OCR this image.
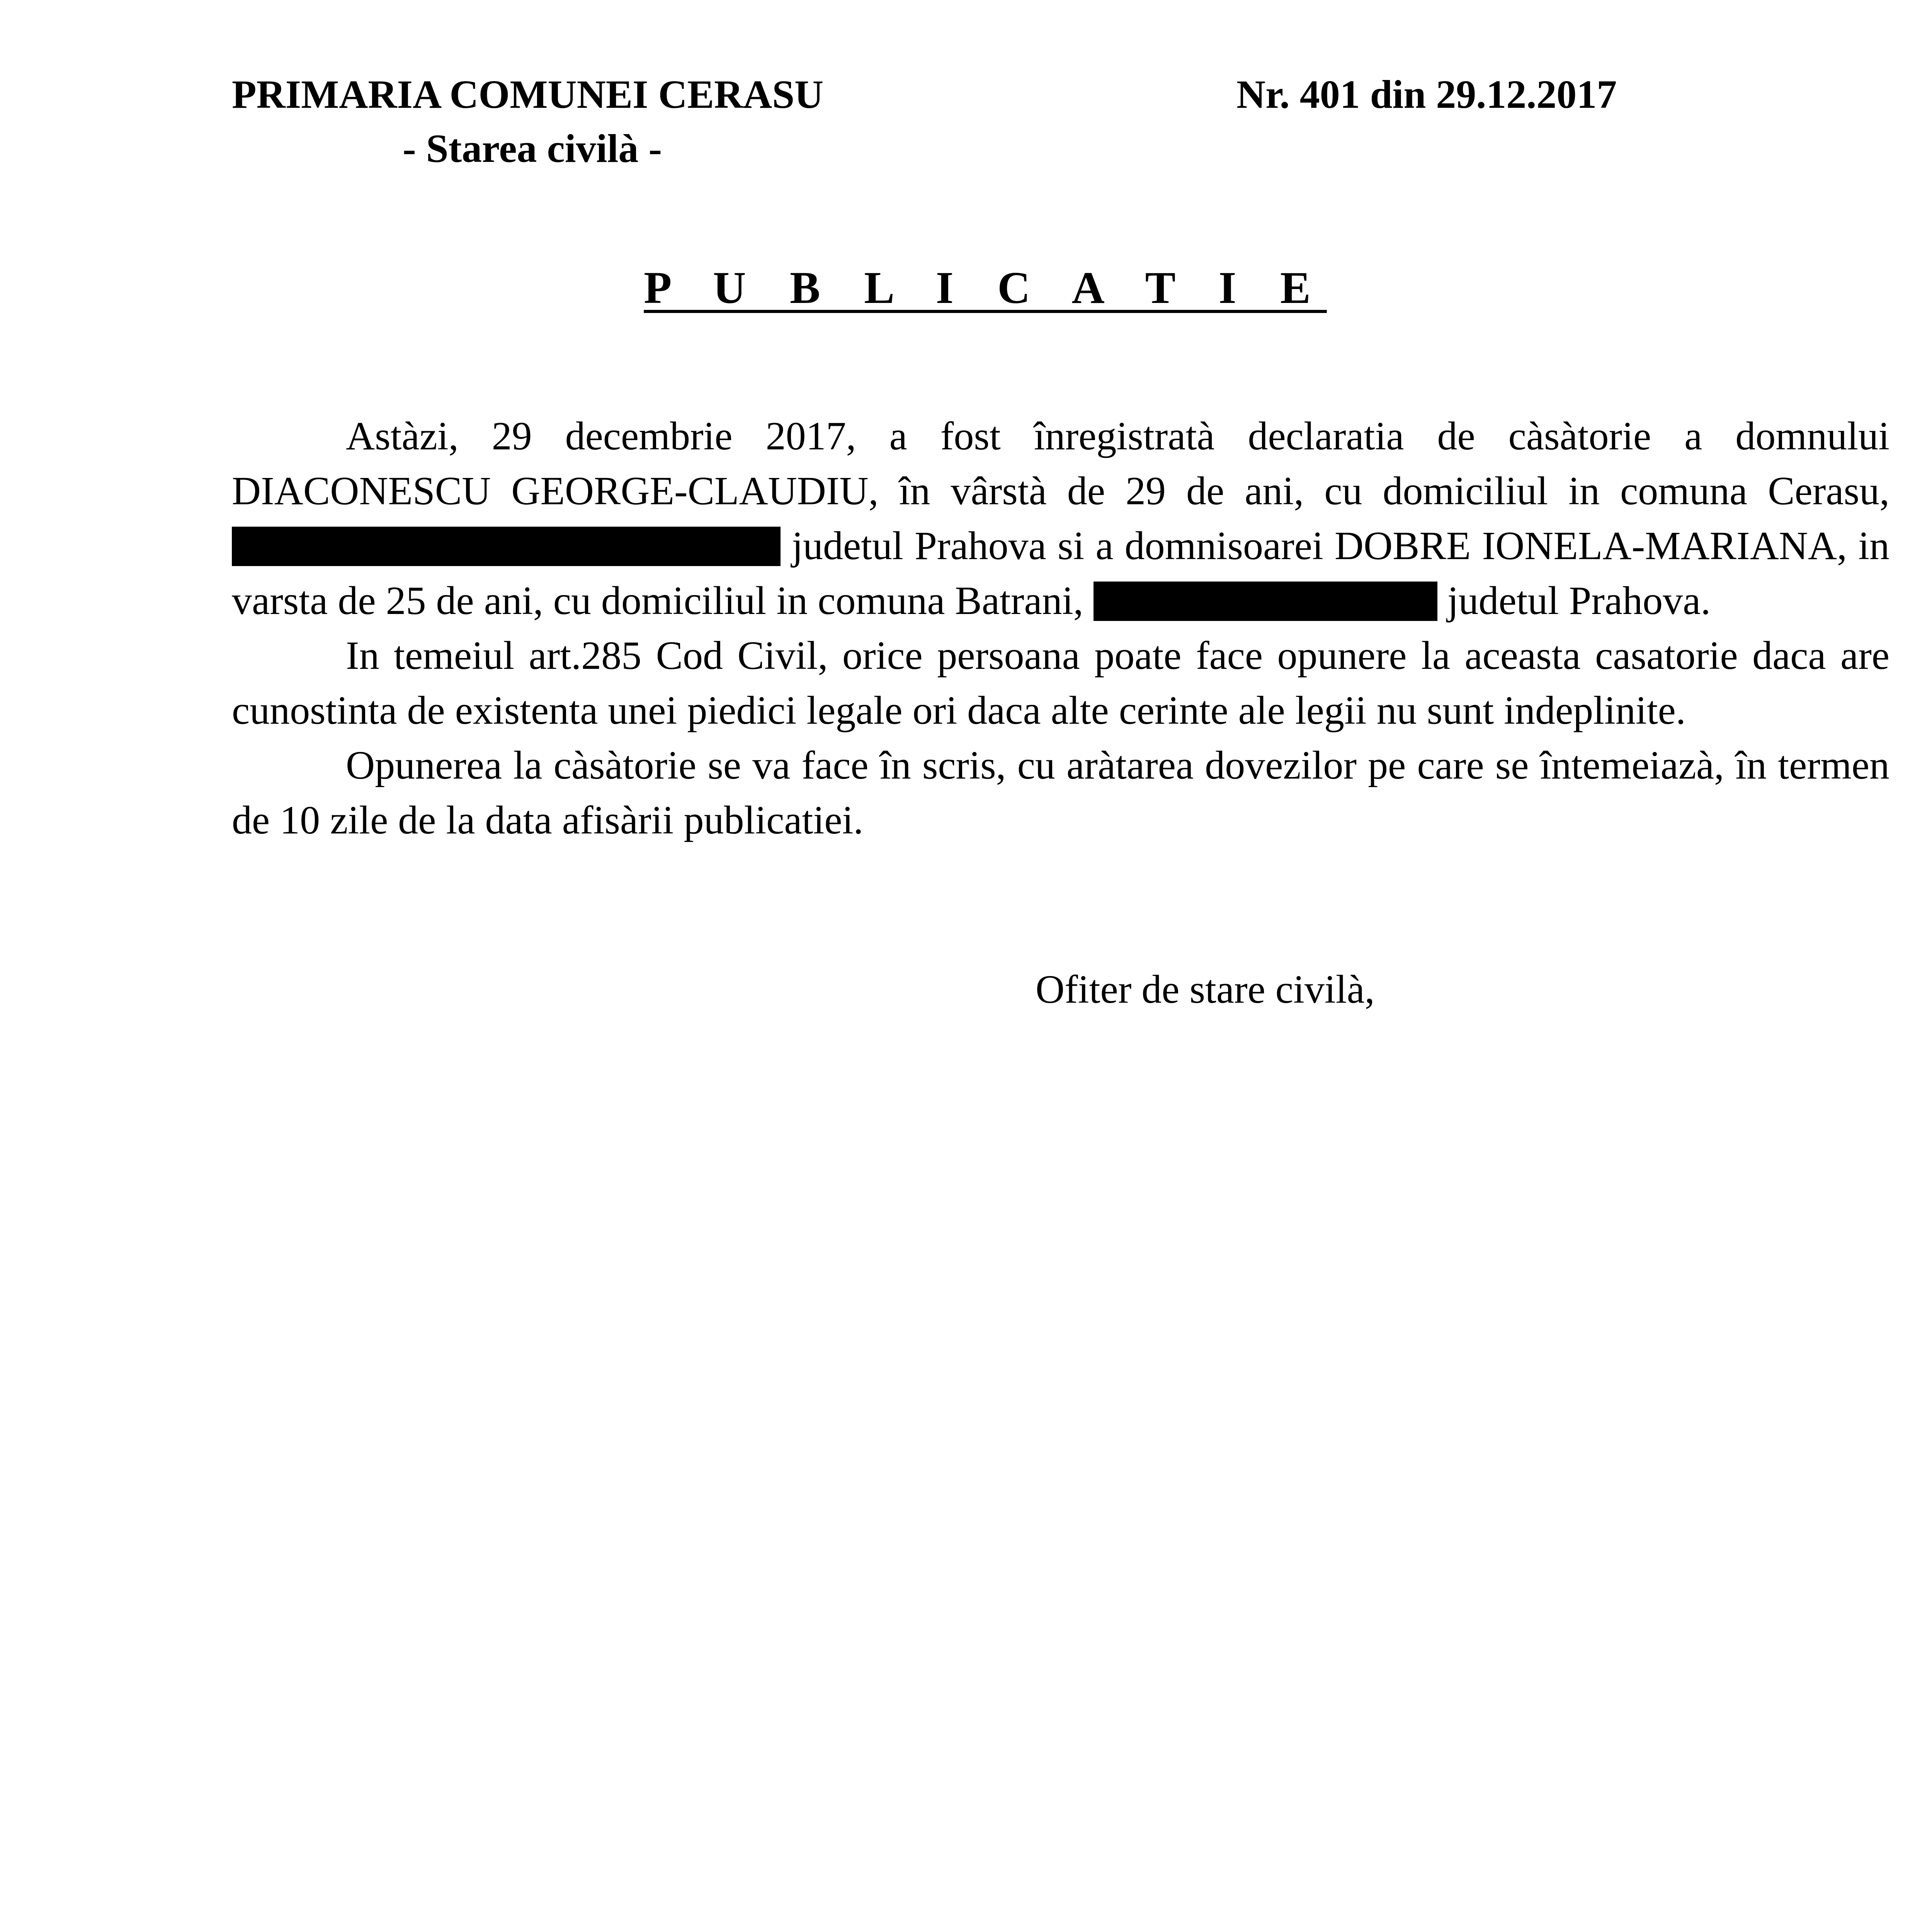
PRIMARIA COMUNEI CERASU
- Starea civilà -
Nr. 401 din 29.12.2017
P U B L I C A T I E

Astàzi, 29 decembrie 2017, a fost înregistratà declaratia de càsàtorie a domnului DIACONESCU GEORGE-CLAUDIU, în vârstà de 29 de ani, cu domiciliul in comuna Cerasu,  judetul Prahova si a domnisoarei DOBRE IONELA-MARIANA, in varsta de 25 de ani, cu domiciliul in comuna Batrani,	judetul Prahova.

In temeiul art.285 Cod Civil, orice persoana poate face opunere la aceasta casatorie daca are cunostinta de existenta unei piedici legale ori daca alte cerinte ale legii nu sunt indeplinite.

Opunerea la càsàtorie se va face în scris, cu aràtarea dovezilor pe care se întemeiazà, în termen de 10 zile de la data afisàrii publicatiei.

Ofiter de stare civilà,
